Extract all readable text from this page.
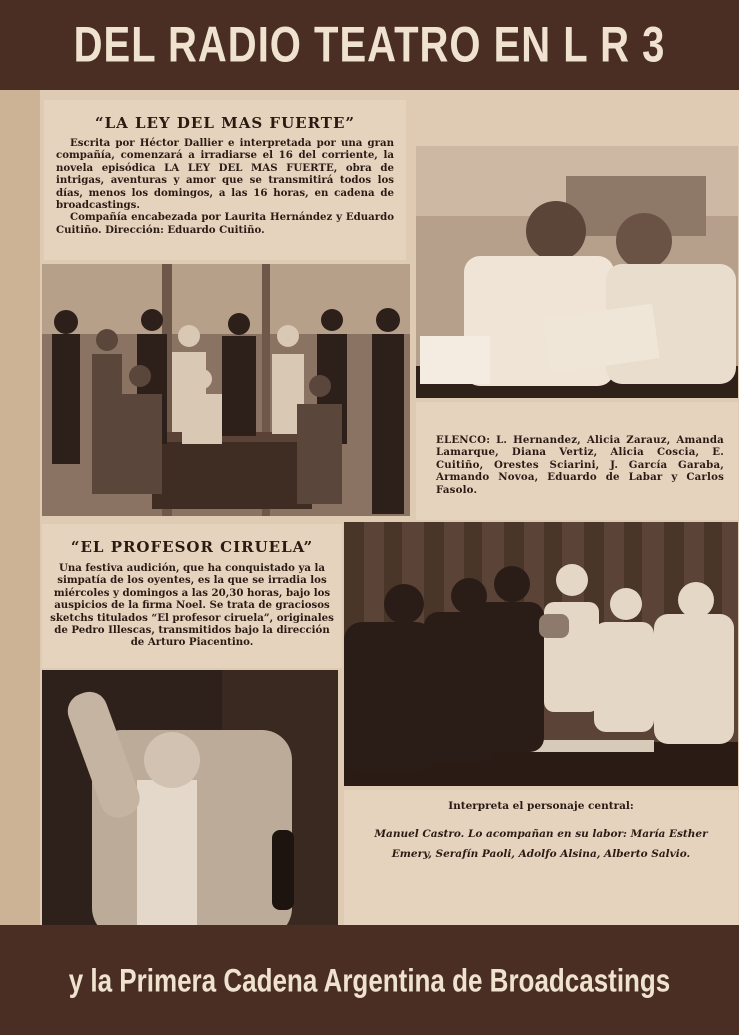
DEL RADIO TEATRO EN L R 3
“LA LEY DEL MAS FUERTE”

Escrita por Héctor Dallier e interpretada por una gran compañía, comenzará a irradiarse el 16 del corriente, la novela episódica LA LEY DEL MAS FUERTE, obra de intrigas, aventuras y amor que se transmitirá todos los días, menos los domingos, a las 16 horas, en cadena de broadcastings.

Compañía encabezada por Laurita Hernández y Eduardo Cuitiño. Dirección: Eduardo Cuitiño.

ELENCO: L. Hernandez, Alicia Zarauz, Amanda Lamarque, Diana Vertiz, Alicia Coscia, E. Cuitiño, Orestes Sciarini, J. García Garaba, Armando Novoa, Eduardo de Labar y Carlos Fasolo.

“EL PROFESOR CIRUELA”

Una festiva audición, que ha conquistado ya la simpatía de los oyentes, es la que se irradia los miércoles y domingos a las 20,30 horas, bajo los auspicios de la firma Noel. Se trata de graciosos sketchs titulados “El profesor ciruela”, originales de Pedro Illescas, transmitidos bajo la dirección de Arturo Piacentino.

Interpreta el personaje central:

Manuel Castro. Lo acompañan en su labor: María Esther Emery, Serafín Paoli, Adolfo Alsina, Alberto Salvio.

y la Primera Cadena Argentina de Broadcastings
